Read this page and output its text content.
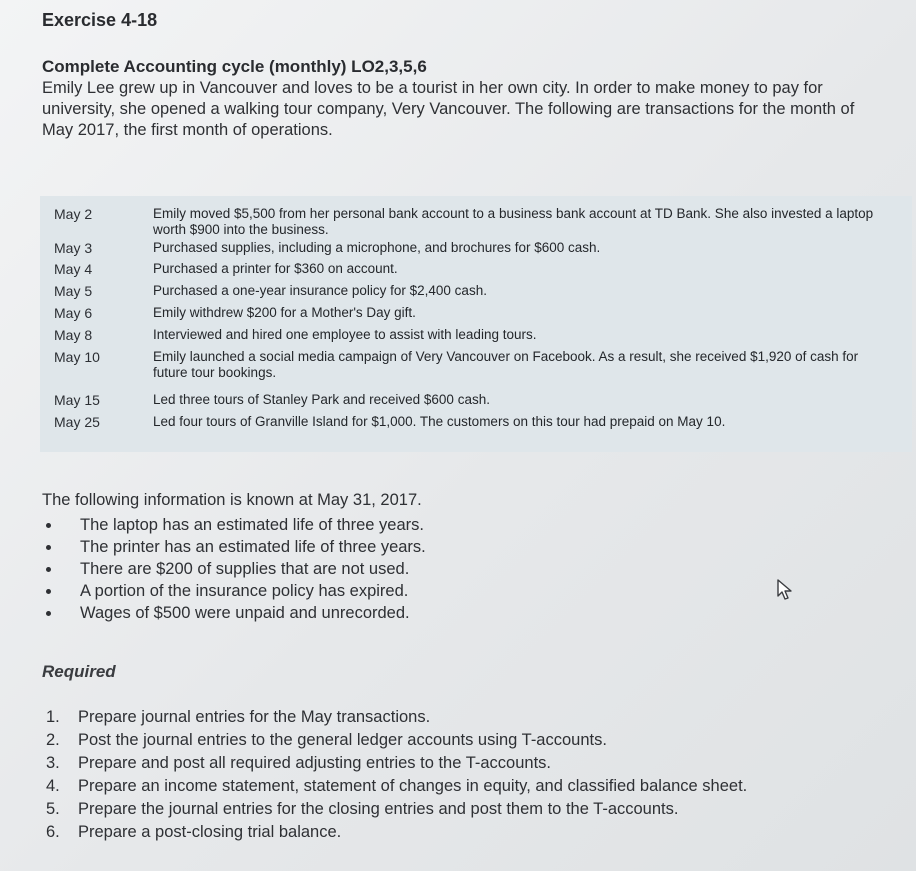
Exercise 4-18
Complete Accounting cycle (monthly) LO2,3,5,6
Emily Lee grew up in Vancouver and loves to be a tourist in her own city. In order to make money to pay for university, she opened a walking tour company, Very Vancouver. The following are transactions for the month of May 2017, the first month of operations.
May 2	Emily moved $5,500 from her personal bank account to a business bank account at TD Bank. She also invested a laptop worth $900 into the business.
May 3	Purchased supplies, including a microphone, and brochures for $600 cash.
May 4	Purchased a printer for $360 on account.
May 5	Purchased a one-year insurance policy for $2,400 cash.
May 6	Emily withdrew $200 for a Mother's Day gift.
May 8	Interviewed and hired one employee to assist with leading tours.
May 10	Emily launched a social media campaign of Very Vancouver on Facebook. As a result, she received $1,920 of cash for future tour bookings.
May 15	Led three tours of Stanley Park and received $600 cash.
May 25	Led four tours of Granville Island for $1,000. The customers on this tour had prepaid on May 10.
The following information is known at May 31, 2017.
The laptop has an estimated life of three years.
The printer has an estimated life of three years.
There are $200 of supplies that are not used.
A portion of the insurance policy has expired.
Wages of $500 were unpaid and unrecorded.
Required
1.	Prepare journal entries for the May transactions.
2.	Post the journal entries to the general ledger accounts using T-accounts.
3.	Prepare and post all required adjusting entries to the T-accounts.
4.	Prepare an income statement, statement of changes in equity, and classified balance sheet.
5.	Prepare the journal entries for the closing entries and post them to the T-accounts.
6.	Prepare a post-closing trial balance.
